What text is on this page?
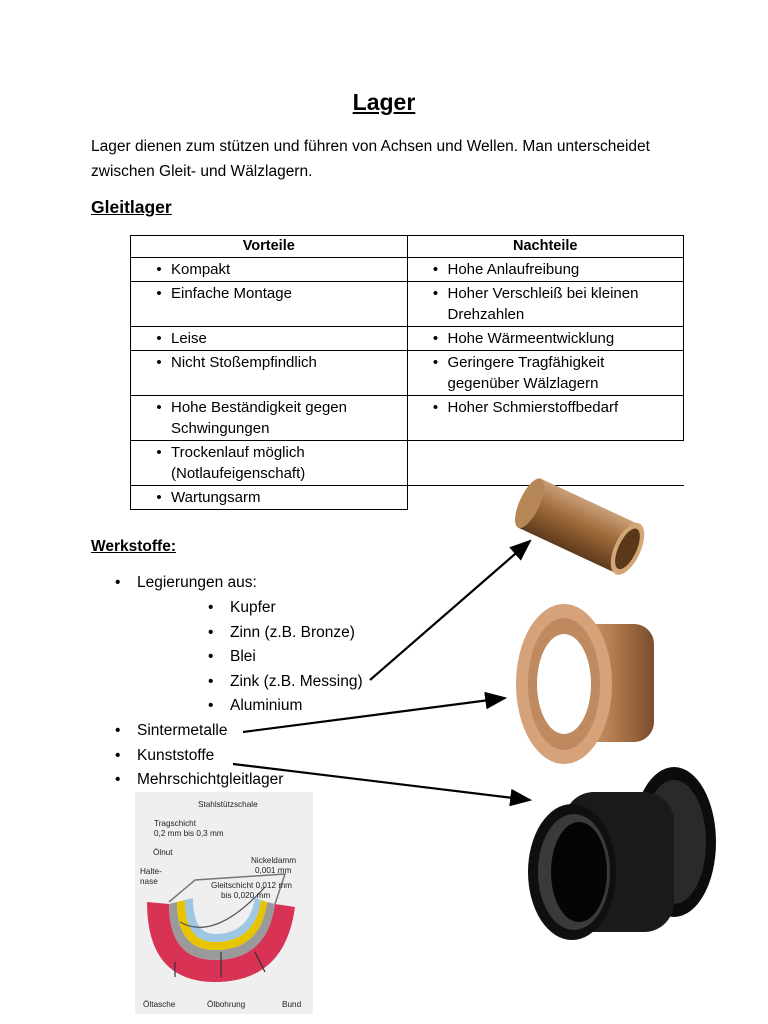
Lager

Lager dienen zum stützen und führen von Achsen und Wellen. Man unterscheidet zwischen Gleit- und Wälzlagern.

Gleitlager
Vorteile	Nachteile

• Kompakt	• Hohe Anlaufreibung

• Einfache Montage	• Hoher Verschleiß bei kleinen Drehzahlen

• Leise	• Hohe Wärmeentwicklung

• Nicht Stoßempfindlich	• Geringere Tragfähigkeit gegenüber Wälzlagern

• Hohe Beständigkeit gegen Schwingungen	• Hoher Schmierstoffbedarf

• Trockenlauf möglich (Notlaufeigenschaft)	

• Wartungsarm	

Werkstoffe:
•	Legierungen aus:
•	Kupfer
•	Zinn (z.B. Bronze)
•	Blei
•	Zink (z.B. Messing)
•	Aluminium
•	Sintermetalle
•	Kunststoffe
•	Mehrschichtgleitlager
Stahlstützschale
Tragschicht
0,2 mm bis 0,3 mm
Ölnut
Halte-
nase
Nickeldamm
0,001 mm
Gleitschicht 0,012 mm
bis 0,020 mm
Öltasche	Ölbohrung	Bund
